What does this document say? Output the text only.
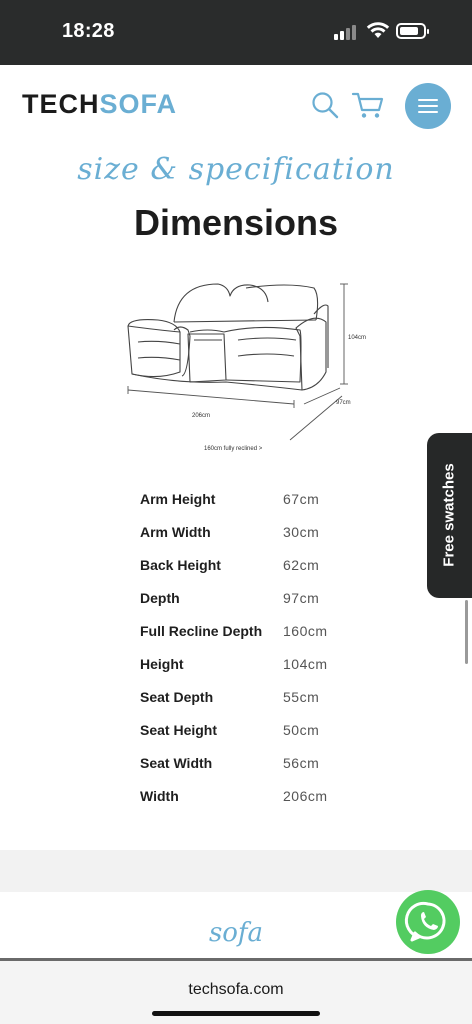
18:28
TECHSOFA
size & specification
Dimensions
104cm
97cm
206cm
160cm fully reclined >
Arm Height	67cm
Arm Width	30cm
Back Height	62cm
Depth	97cm
Full Recline Depth 160cm
Height	104cm
Seat Depth	55cm
Seat Height	50cm
Seat Width	56cm
Width	206cm
Free swatches
sofa
techsofa.com
